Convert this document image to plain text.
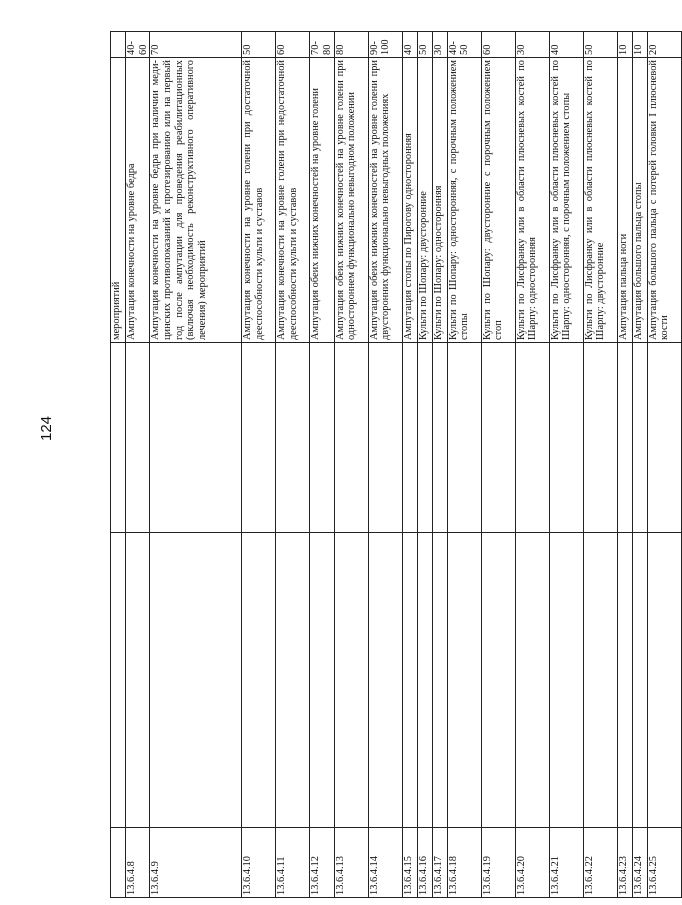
124
			мероприятий	
13.6.4.8			Ампутация конечности на уровне бедра	40-60
13.6.4.9			Ампутация конечности на уровне бедра при наличии меди-цинских противопоказаний к протезированию или на первый год после ампутации для проведения реабилитационных (включая необходимость реконструктивного оперативного лечения) мероприятий	70
13.6.4.10			Ампутация конечности на уровне голени при достаточной дееспособности культи и суставов	50
13.6.4.11			Ампутация конечности на уровне голени при недостаточной дееспособности культи и суставов	60
13.6.4.12			Ампутация обеих нижних конечностей на уровне голени	70-80
13.6.4.13			Ампутация обеих нижних конечностей на уровне голени при одностороннем функционально невыгодном положении	80
13.6.4.14			Ампутация обеих нижних конечностей на уровне голени при двусторонних функционально невыгодных положениях	90-100
13.6.4.15			Ампутация стопы по Пирогову односторонняя	40
13.6.4.16			Культи по Шопару: двусторонние	50
13.6.4.17			Культи по Шопару: односторонняя	30
13.6.4.18			Культи по Шопару: односторонняя, с порочным положением стопы	40-50
13.6.4.19			Культи по Шопару: двусторонние с порочным положением стоп	60
13.6.4.20			Культи по Лисфранку или в области плюсневых костей по Шарпу: односторонняя	30
13.6.4.21			Культи по Лисфранку или в области плюсневых костей по Шарпу: односторонняя, с порочным положением стопы	40
13.6.4.22			Культи по Лисфранку или в области плюсневых костей по Шарпу: двусторонние	50
13.6.4.23			Ампутация пальца ноги	10
13.6.4.24			Ампутация большого пальца стопы	10
13.6.4.25			Ампутация большого пальца с потерей головки I плюсневой кости	20
